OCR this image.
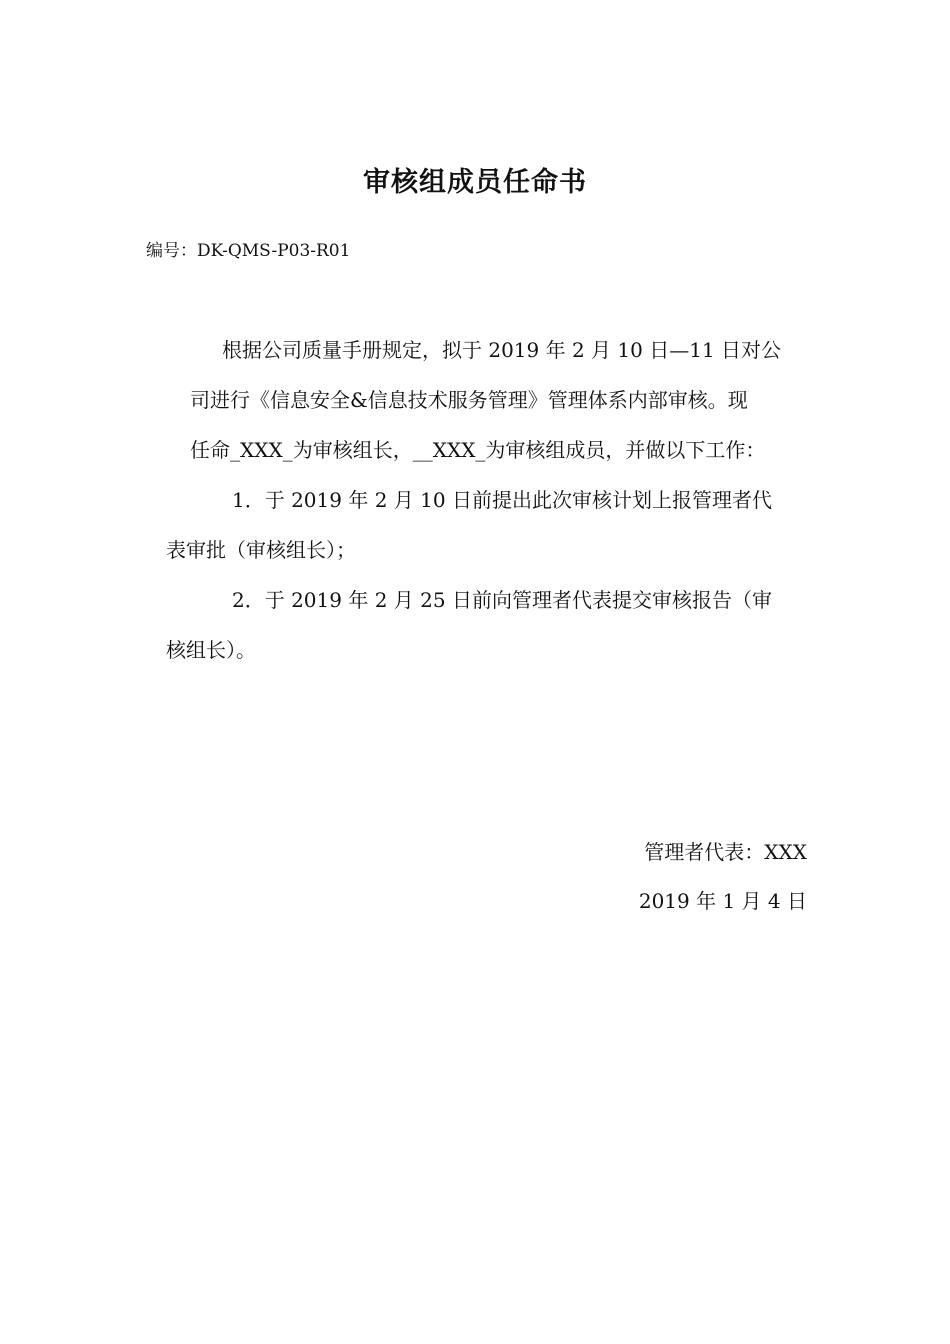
审核组成员任命书
编号：DK-QMS-P03-R01
根据公司质量手册规定，拟于 2019 年 2 月 10 日—11 日对公
司进行《信息安全&信息技术服务管理》管理体系内部审核。现
任命_XXX_为审核组长，__XXX_为审核组成员，并做以下工作：
1．于 2019 年 2 月 10 日前提出此次审核计划上报管理者代
表审批（审核组长）；
2．于 2019 年 2 月 25 日前向管理者代表提交审核报告（审
核组长）。
管理者代表：XXX
2019 年 1 月 4 日
